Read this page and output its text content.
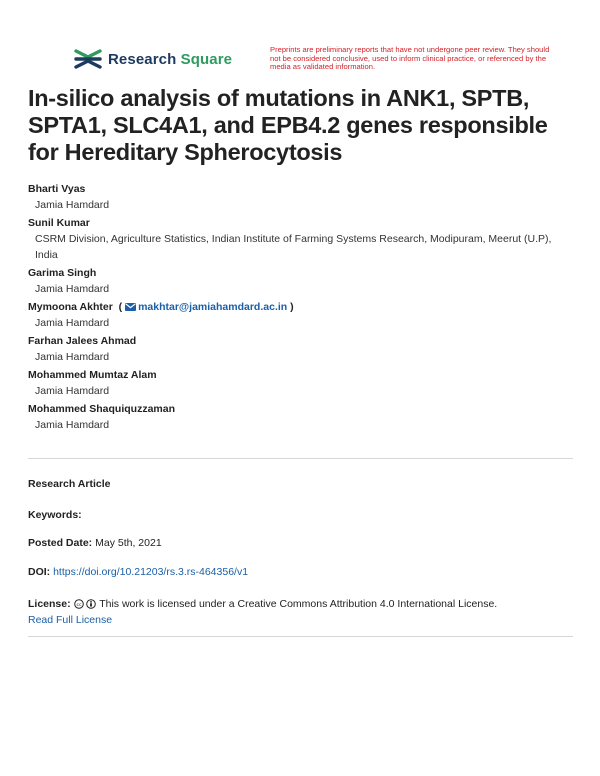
Research Square
Preprints are preliminary reports that have not undergone peer review. They should not be considered conclusive, used to inform clinical practice, or referenced by the media as validated information.
In-silico analysis of mutations in ANK1, SPTB, SPTA1, SLC4A1, and EPB4.2 genes responsible for Hereditary Spherocytosis
Bharti Vyas
Jamia Hamdard
Sunil Kumar
CSRM Division, Agriculture Statistics, Indian Institute of Farming Systems Research, Modipuram, Meerut (U.P), India
Garima Singh
Jamia Hamdard
Mymoona Akhter ( makhtar@jamiahamdard.ac.in )
Jamia Hamdard
Farhan Jalees Ahmad
Jamia Hamdard
Mohammed Mumtaz Alam
Jamia Hamdard
Mohammed Shaquiquzzaman
Jamia Hamdard
Research Article
Keywords:
Posted Date: May 5th, 2021
DOI: https://doi.org/10.21203/rs.3.rs-464356/v1
License: cc This work is licensed under a Creative Commons Attribution 4.0 International License.
Read Full License
